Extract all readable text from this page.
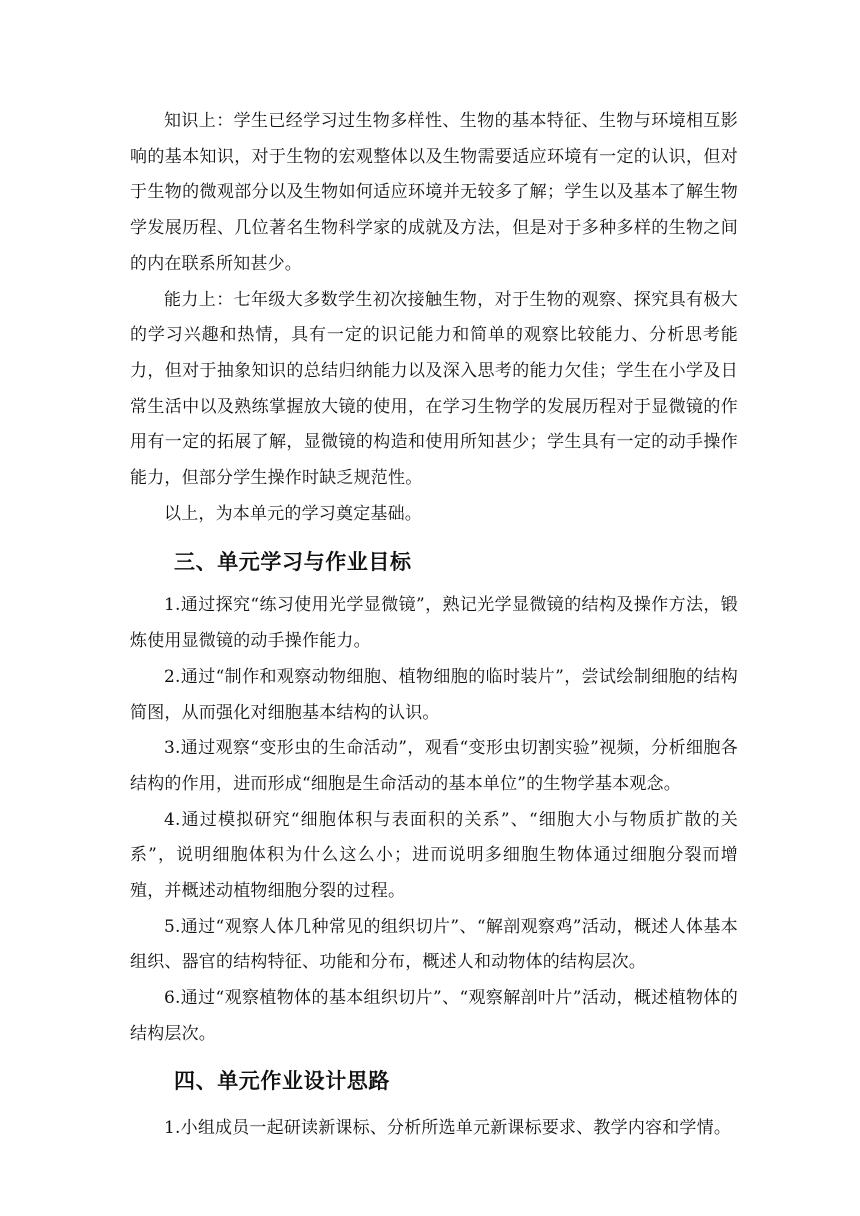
知识上：学生已经学习过生物多样性、生物的基本特征、生物与环境相互影响的基本知识，对于生物的宏观整体以及生物需要适应环境有一定的认识，但对于生物的微观部分以及生物如何适应环境并无较多了解；学生以及基本了解生物学发展历程、几位著名生物科学家的成就及方法，但是对于多种多样的生物之间的内在联系所知甚少。

能力上：七年级大多数学生初次接触生物，对于生物的观察、探究具有极大的学习兴趣和热情，具有一定的识记能力和简单的观察比较能力、分析思考能力，但对于抽象知识的总结归纳能力以及深入思考的能力欠佳；学生在小学及日常生活中以及熟练掌握放大镜的使用，在学习生物学的发展历程对于显微镜的作用有一定的拓展了解，显微镜的构造和使用所知甚少；学生具有一定的动手操作能力，但部分学生操作时缺乏规范性。

以上，为本单元的学习奠定基础。

三、单元学习与作业目标

1.通过探究“练习使用光学显微镜”，熟记光学显微镜的结构及操作方法，锻炼使用显微镜的动手操作能力。

2.通过“制作和观察动物细胞、植物细胞的临时装片”，尝试绘制细胞的结构简图，从而强化对细胞基本结构的认识。

3.通过观察“变形虫的生命活动”，观看“变形虫切割实验”视频，分析细胞各结构的作用，进而形成“细胞是生命活动的基本单位”的生物学基本观念。

4.通过模拟研究“细胞体积与表面积的关系”、“细胞大小与物质扩散的关系”，说明细胞体积为什么这么小；进而说明多细胞生物体通过细胞分裂而增殖，并概述动植物细胞分裂的过程。

5.通过“观察人体几种常见的组织切片”、“解剖观察鸡”活动，概述人体基本组织、器官的结构特征、功能和分布，概述人和动物体的结构层次。

6.通过“观察植物体的基本组织切片”、“观察解剖叶片”活动，概述植物体的结构层次。

四、单元作业设计思路

1.小组成员一起研读新课标、分析所选单元新课标要求、教学内容和学情。
